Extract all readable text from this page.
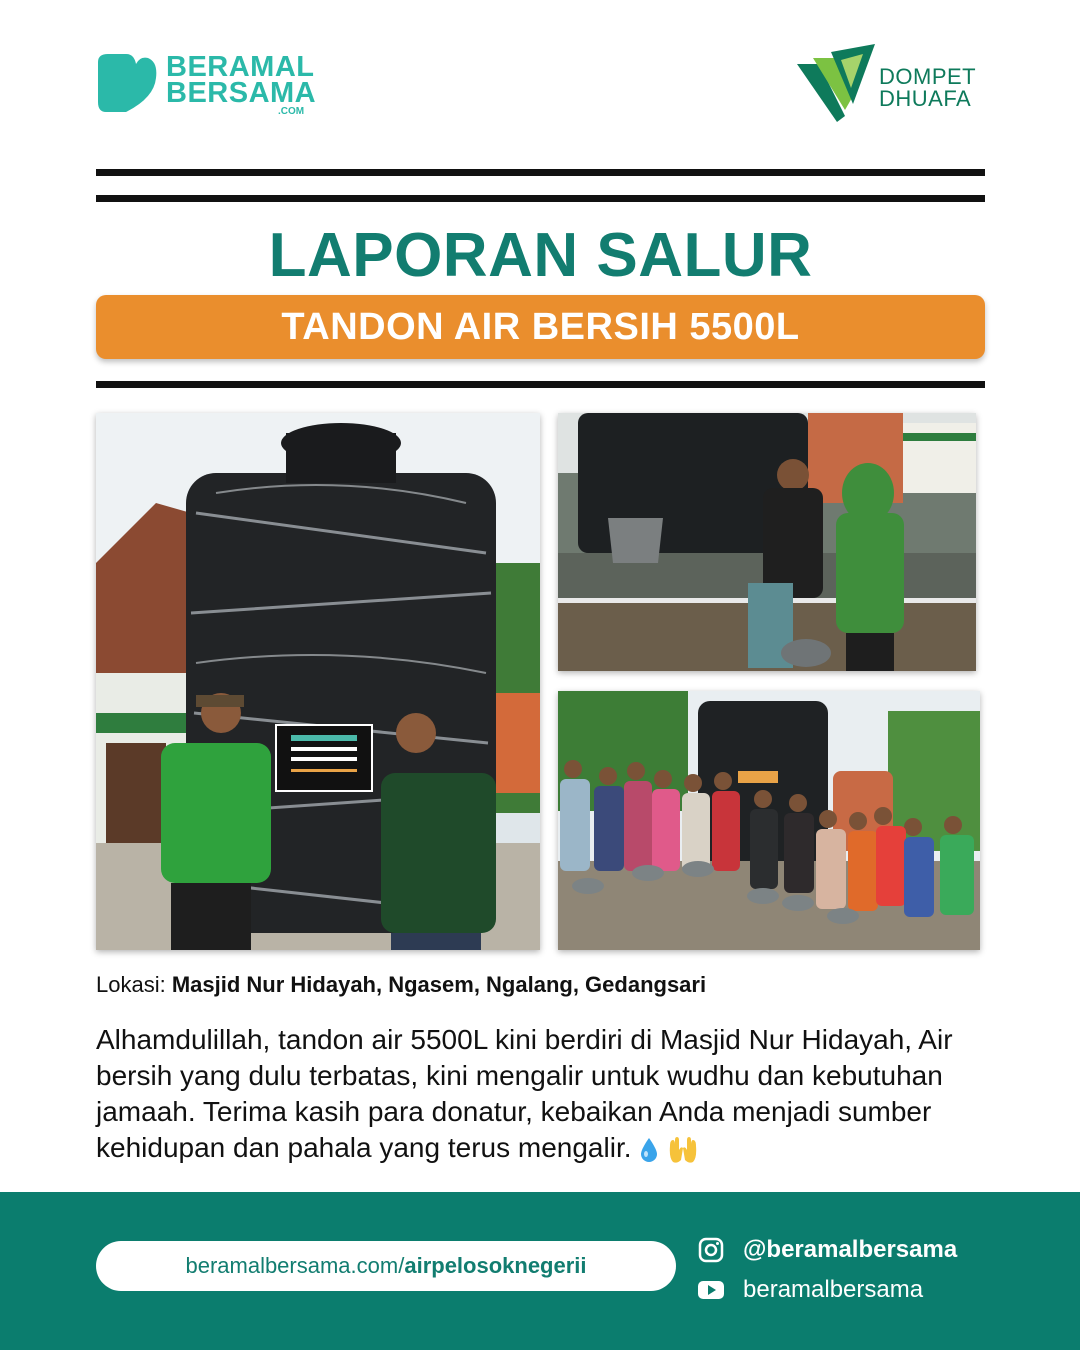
BERAMAL
BERSAMA
.COM
DOMPET
DHUAFA
LAPORAN SALUR
TANDON AIR BERSIH 5500L
Lokasi: Masjid Nur Hidayah, Ngasem, Ngalang, Gedangsari
Alhamdulillah, tandon air 5500L kini berdiri di Masjid Nur Hidayah, Air bersih yang dulu terbatas, kini mengalir untuk wudhu dan kebutuhan jamaah. Terima kasih para donatur, kebaikan Anda menjadi sumber kehidupan dan pahala yang terus mengalir.
beramalbersama.com/ airpelosoknegerii
@beramalbersama
beramalbersama
